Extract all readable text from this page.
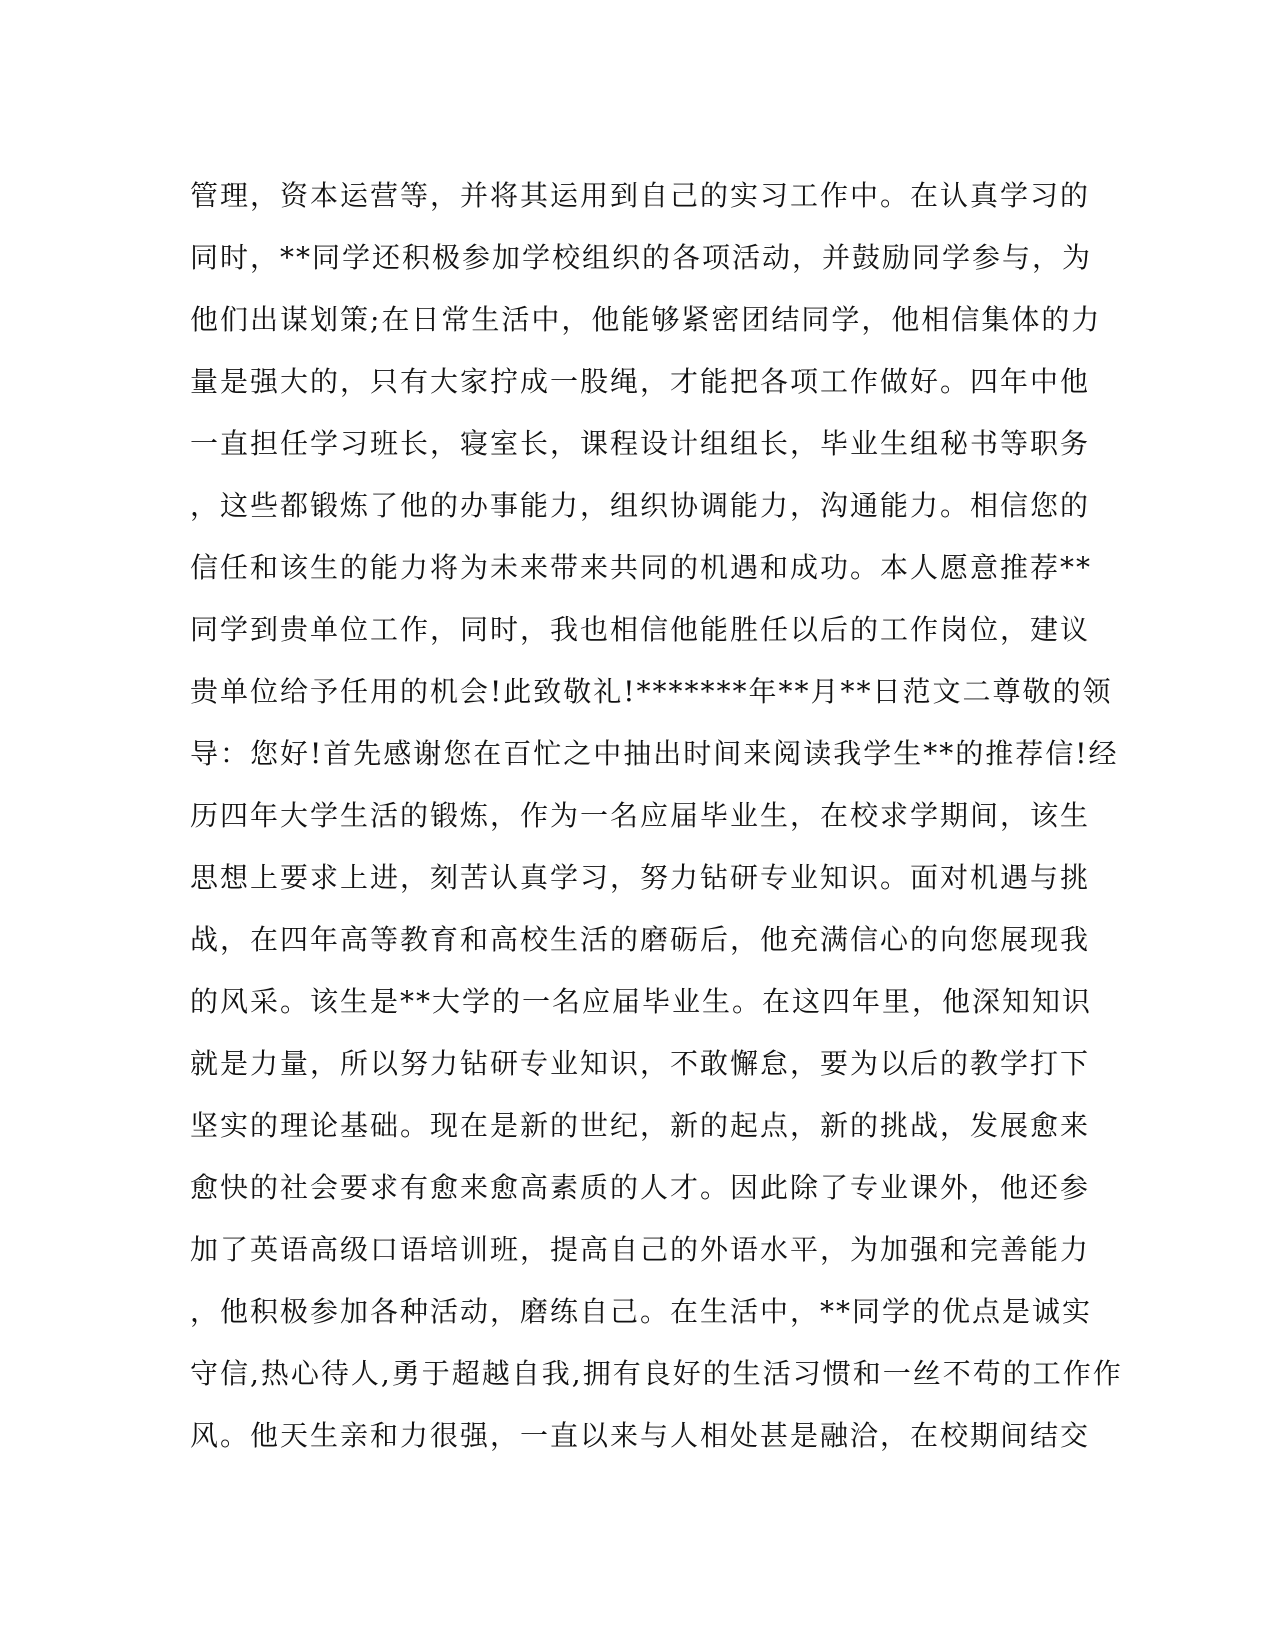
管理，资本运营等，并将其运用到自己的实习工作中。在认真学习的
同时，**同学还积极参加学校组织的各项活动，并鼓励同学参与，为
他们出谋划策;在日常生活中，他能够紧密团结同学，他相信集体的力
量是强大的，只有大家拧成一股绳，才能把各项工作做好。四年中他
一直担任学习班长，寝室长，课程设计组组长，毕业生组秘书等职务
，这些都锻炼了他的办事能力，组织协调能力，沟通能力。相信您的
信任和该生的能力将为未来带来共同的机遇和成功。本人愿意推荐**
同学到贵单位工作，同时，我也相信他能胜任以后的工作岗位，建议
贵单位给予任用的机会!此致敬礼!*******年**月**日范文二尊敬的领
导：您好!首先感谢您在百忙之中抽出时间来阅读我学生**的推荐信!经
历四年大学生活的锻炼，作为一名应届毕业生，在校求学期间，该生
思想上要求上进，刻苦认真学习，努力钻研专业知识。面对机遇与挑
战，在四年高等教育和高校生活的磨砺后，他充满信心的向您展现我
的风采。该生是**大学的一名应届毕业生。在这四年里，他深知知识
就是力量，所以努力钻研专业知识，不敢懈怠，要为以后的教学打下
坚实的理论基础。现在是新的世纪，新的起点，新的挑战，发展愈来
愈快的社会要求有愈来愈高素质的人才。因此除了专业课外，他还参
加了英语高级口语培训班，提高自己的外语水平，为加强和完善能力
，他积极参加各种活动，磨练自己。在生活中，**同学的优点是诚实
守信,热心待人,勇于超越自我,拥有良好的生活习惯和一丝不苟的工作作
风。他天生亲和力很强，一直以来与人相处甚是融洽，在校期间结交
